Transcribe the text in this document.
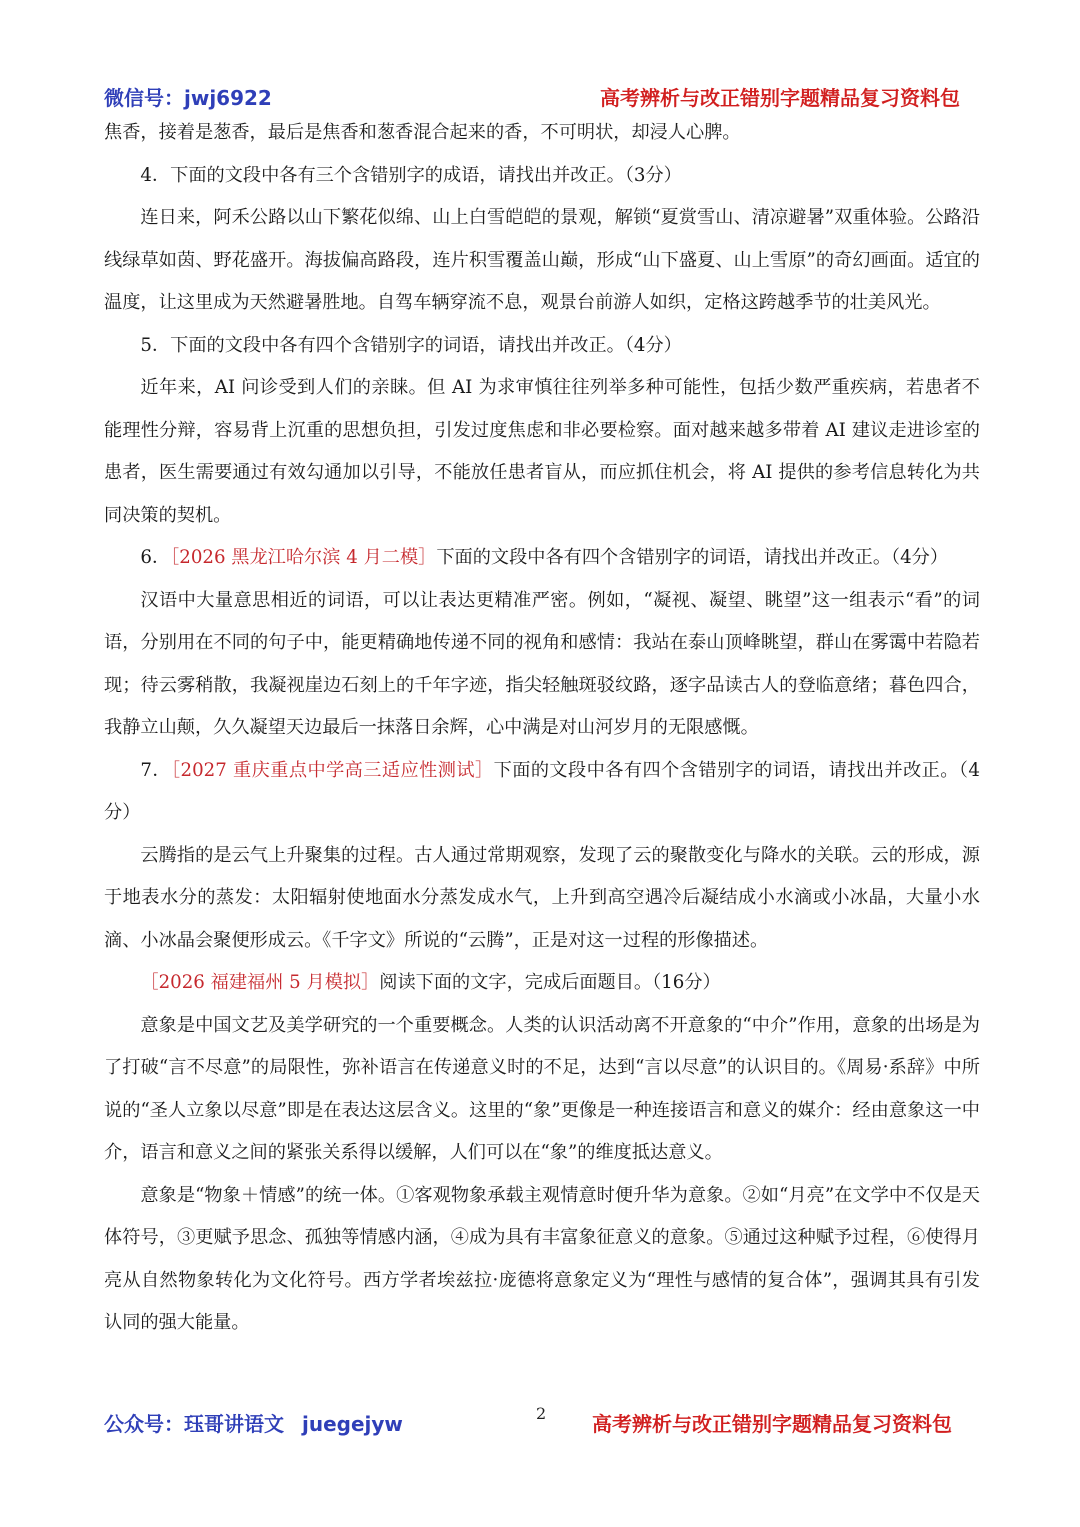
微信号：jwj6922	高考辨析与改正错别字题精品复习资料包

焦香，接着是葱香，最后是焦香和葱香混合起来的香，不可明状，却浸人心脾。

4．下面的文段中各有三个含错别字的成语，请找出并改正。（3分）

连日来，阿禾公路以山下繁花似绵、山上白雪皑皑的景观，解锁“夏赏雪山、清凉避暑”双重体验。公路沿线绿草如茵、野花盛开。海拔偏高路段，连片积雪覆盖山巅，形成“山下盛夏、山上雪原”的奇幻画面。适宜的温度，让这里成为天然避暑胜地。自驾车辆穿流不息，观景台前游人如织，定格这跨越季节的壮美风光。

5．下面的文段中各有四个含错别字的词语，请找出并改正。（4分）

近年来，AI 问诊受到人们的亲睐。但 AI 为求审慎往往列举多种可能性，包括少数严重疾病，若患者不能理性分辩，容易背上沉重的思想负担，引发过度焦虑和非必要检察。面对越来越多带着 AI 建议走进诊室的患者，医生需要通过有效勾通加以引导，不能放任患者盲从，而应抓住机会，将 AI 提供的参考信息转化为共同决策的契机。

6．［2026 黑龙江哈尔滨 4 月二模］下面的文段中各有四个含错别字的词语，请找出并改正。（4分）

汉语中大量意思相近的词语，可以让表达更精准严密。例如，“凝视、凝望、眺望”这一组表示“看”的词语，分别用在不同的句子中，能更精确地传递不同的视角和感情：我站在泰山顶峰眺望，群山在雾霭中若隐若现；待云雾稍散，我凝视崖边石刻上的千年字迹，指尖轻触斑驳纹路，逐字品读古人的登临意绪；暮色四合，我静立山颠，久久凝望天边最后一抹落日余辉，心中满是对山河岁月的无限感慨。

7．［2027 重庆重点中学高三适应性测试］下面的文段中各有四个含错别字的词语，请找出并改正。（4分）

云腾指的是云气上升聚集的过程。古人通过常期观察，发现了云的聚散变化与降水的关联。云的形成，源于地表水分的蒸发：太阳辐射使地面水分蒸发成水气，上升到高空遇冷后凝结成小水滴或小冰晶，大量小水滴、小冰晶会聚便形成云。《千字文》所说的“云腾”，正是对这一过程的形像描述。

［2026 福建福州 5 月模拟］阅读下面的文字，完成后面题目。（16分）

意象是中国文艺及美学研究的一个重要概念。人类的认识活动离不开意象的“中介”作用，意象的出场是为了打破“言不尽意”的局限性，弥补语言在传递意义时的不足，达到“言以尽意”的认识目的。《周易·系辞》中所说的“圣人立象以尽意”即是在表达这层含义。这里的“象”更像是一种连接语言和意义的媒介：经由意象这一中介，语言和意义之间的紧张关系得以缓解，人们可以在“象”的维度抵达意义。

意象是“物象＋情感”的统一体。①客观物象承载主观情意时便升华为意象。②如“月亮”在文学中不仅是天体符号，③更赋予思念、孤独等情感内涵，④成为具有丰富象征意义的意象。⑤通过这种赋予过程，⑥使得月亮从自然物象转化为文化符号。西方学者埃兹拉·庞德将意象定义为“理性与感情的复合体”，强调其具有引发认同的强大能量。

公众号：珏哥讲语文 juegejyw	2 高考辨析与改正错别字题精品复习资料包
